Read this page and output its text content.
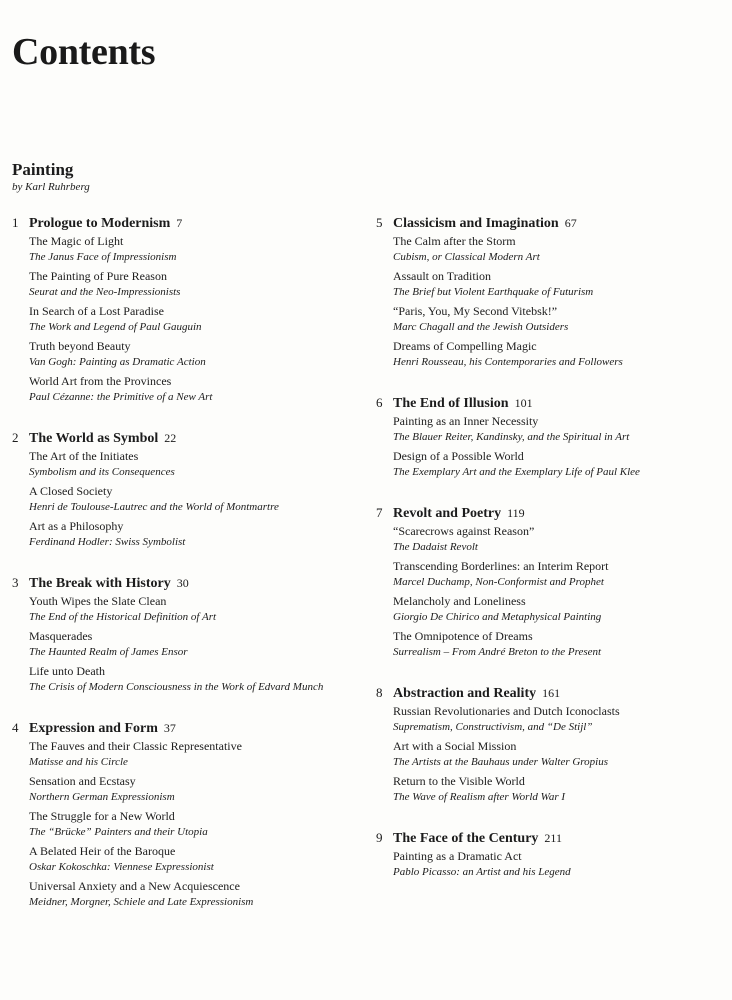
Contents
Painting
by Karl Ruhrberg
1 Prologue to Modernism 7
The Magic of Light
The Janus Face of Impressionism
The Painting of Pure Reason
Seurat and the Neo-Impressionists
In Search of a Lost Paradise
The Work and Legend of Paul Gauguin
Truth beyond Beauty
Van Gogh: Painting as Dramatic Action
World Art from the Provinces
Paul Cézanne: the Primitive of a New Art
2 The World as Symbol 22
The Art of the Initiates
Symbolism and its Consequences
A Closed Society
Henri de Toulouse-Lautrec and the World of Montmartre
Art as a Philosophy
Ferdinand Hodler: Swiss Symbolist
3 The Break with History 30
Youth Wipes the Slate Clean
The End of the Historical Definition of Art
Masquerades
The Haunted Realm of James Ensor
Life unto Death
The Crisis of Modern Consciousness in the Work of Edvard Munch
4 Expression and Form 37
The Fauves and their Classic Representative
Matisse and his Circle
Sensation and Ecstasy
Northern German Expressionism
The Struggle for a New World
The “Brücke” Painters and their Utopia
A Belated Heir of the Baroque
Oskar Kokoschka: Viennese Expressionist
Universal Anxiety and a New Acquiescence
Meidner, Morgner, Schiele and Late Expressionism
5 Classicism and Imagination 67
The Calm after the Storm
Cubism, or Classical Modern Art
Assault on Tradition
The Brief but Violent Earthquake of Futurism
“Paris, You, My Second Vitebsk!”
Marc Chagall and the Jewish Outsiders
Dreams of Compelling Magic
Henri Rousseau, his Contemporaries and Followers
6 The End of Illusion 101
Painting as an Inner Necessity
The Blauer Reiter, Kandinsky, and the Spiritual in Art
Design of a Possible World
The Exemplary Art and the Exemplary Life of Paul Klee
7 Revolt and Poetry 119
“Scarecrows against Reason”
The Dadaist Revolt
Transcending Borderlines: an Interim Report
Marcel Duchamp, Non-Conformist and Prophet
Melancholy and Loneliness
Giorgio De Chirico and Metaphysical Painting
The Omnipotence of Dreams
Surrealism – From André Breton to the Present
8 Abstraction and Reality 161
Russian Revolutionaries and Dutch Iconoclasts
Suprematism, Constructivism, and “De Stijl”
Art with a Social Mission
The Artists at the Bauhaus under Walter Gropius
Return to the Visible World
The Wave of Realism after World War I
9 The Face of the Century 211
Painting as a Dramatic Act
Pablo Picasso: an Artist and his Legend
